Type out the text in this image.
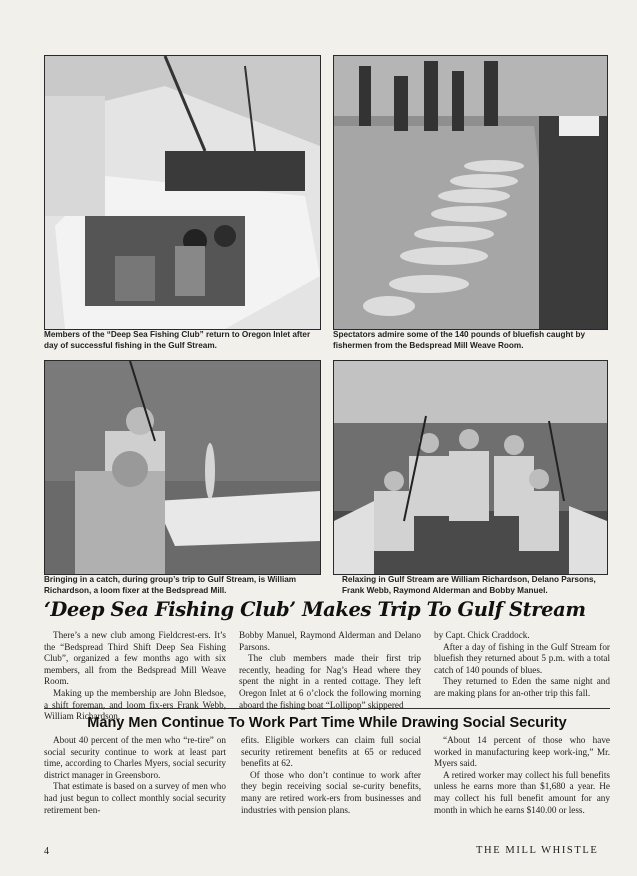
Members of the “Deep Sea Fishing Club” return to Oregon Inlet after day of successful fishing in the Gulf Stream.

Spectators admire some of the 140 pounds of bluefish caught by fishermen from the Bedspread Mill Weave Room.

Bringing in a catch, during group’s trip to Gulf Stream, is William Richardson, a loom fixer at the Bedspread Mill.

Relaxing in Gulf Stream are William Richardson, Delano Parsons, Frank Webb, Raymond Alderman and Bobby Manuel.

‘Deep Sea Fishing Club’ Makes Trip To Gulf Stream

There’s a new club among Fieldcrest-ers. It’s the “Bedspread Third Shift Deep Sea Fishing Club”, organized a few months ago with six members, all from the Bedspread Mill Weave Room.

Making up the membership are John Bledsoe, a shift foreman, and loom fix-ers Frank Webb, William Richardson,

Bobby Manuel, Raymond Alderman and Delano Parsons.

The club members made their first trip recently, heading for Nag’s Head where they spent the night in a rented cottage. They left Oregon Inlet at 6 o’clock the following morning aboard the fishing boat “Lollipop” skippered

by Capt. Chick Craddock.

After a day of fishing in the Gulf Stream for bluefish they returned about 5 p.m. with a total catch of 140 pounds of blues.

They returned to Eden the same night and are making plans for an-other trip this fall.

Many Men Continue To Work Part Time While Drawing Social Security

About 40 percent of the men who “re-tire” on social security continue to work at least part time, according to Charles Myers, social security district manager in Greensboro.

That estimate is based on a survey of men who had just begun to collect monthly social security retirement ben-

efits. Eligible workers can claim full social security retirement benefits at 65 or reduced benefits at 62.

Of those who don’t continue to work after they begin receiving social se-curity benefits, many are retired work-ers from businesses and industries with pension plans.

“About 14 percent of those who have worked in manufacturing keep work-ing,” Mr. Myers said.

A retired worker may collect his full benefits unless he earns more than $1,680 a year. He may collect his full benefit amount for any month in which he earns $140.00 or less.

4	THE MILL WHISTLE
